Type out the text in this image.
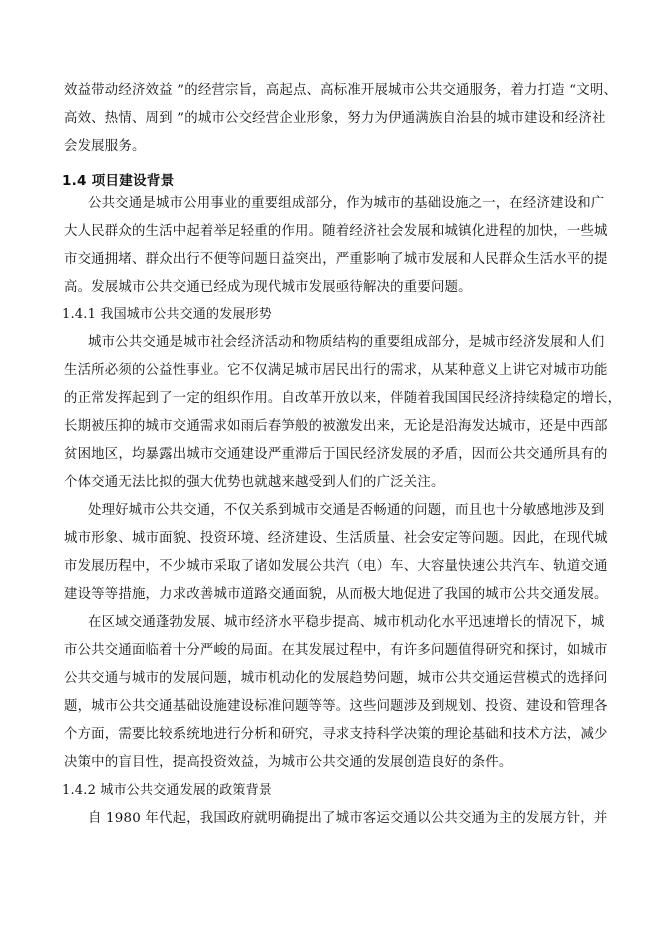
效益带动经济效益 ”的经营宗旨，高起点、高标准开展城市公共交通服务，着力打造 “文明、
高效、热情、周到 ”的城市公交经营企业形象，努力为伊通满族自治县的城市建设和经济社
会发展服务。
1.4 项目建设背景
公共交通是城市公用事业的重要组成部分，作为城市的基础设施之一，在经济建设和广
大人民群众的生活中起着举足轻重的作用。随着经济社会发展和城镇化进程的加快，一些城
市交通拥堵、群众出行不便等问题日益突出，严重影响了城市发展和人民群众生活水平的提
高。发展城市公共交通已经成为现代城市发展亟待解决的重要问题。
1.4.1 我国城市公共交通的发展形势
城市公共交通是城市社会经济活动和物质结构的重要组成部分，是城市经济发展和人们
生活所必须的公益性事业。它不仅满足城市居民出行的需求，从某种意义上讲它对城市功能
的正常发挥起到了一定的组织作用。自改革开放以来，伴随着我国国民经济持续稳定的增长，
长期被压抑的城市交通需求如雨后春笋般的被激发出来，无论是沿海发达城市，还是中西部
贫困地区，均暴露出城市交通建设严重滞后于国民经济发展的矛盾，因而公共交通所具有的
个体交通无法比拟的强大优势也就越来越受到人们的广泛关注。
处理好城市公共交通，不仅关系到城市交通是否畅通的问题，而且也十分敏感地涉及到
城市形象、城市面貌、投资环境、经济建设、生活质量、社会安定等问题。因此，在现代城
市发展历程中，不少城市采取了诸如发展公共汽（电）车、大容量快速公共汽车、轨道交通
建设等等措施，力求改善城市道路交通面貌，从而极大地促进了我国的城市公共交通发展。
在区域交通蓬勃发展、城市经济水平稳步提高、城市机动化水平迅速增长的情况下，城
市公共交通面临着十分严峻的局面。在其发展过程中，有许多问题值得研究和探讨，如城市
公共交通与城市的发展问题，城市机动化的发展趋势问题，城市公共交通运营模式的选择问
题，城市公共交通基础设施建设标准问题等等。这些问题涉及到规划、投资、建设和管理各
个方面，需要比较系统地进行分析和研究，寻求支持科学决策的理论基础和技术方法，减少
决策中的盲目性，提高投资效益，为城市公共交通的发展创造良好的条件。
1.4.2 城市公共交通发展的政策背景
自 1980 年代起，我国政府就明确提出了城市客运交通以公共交通为主的发展方针，并
